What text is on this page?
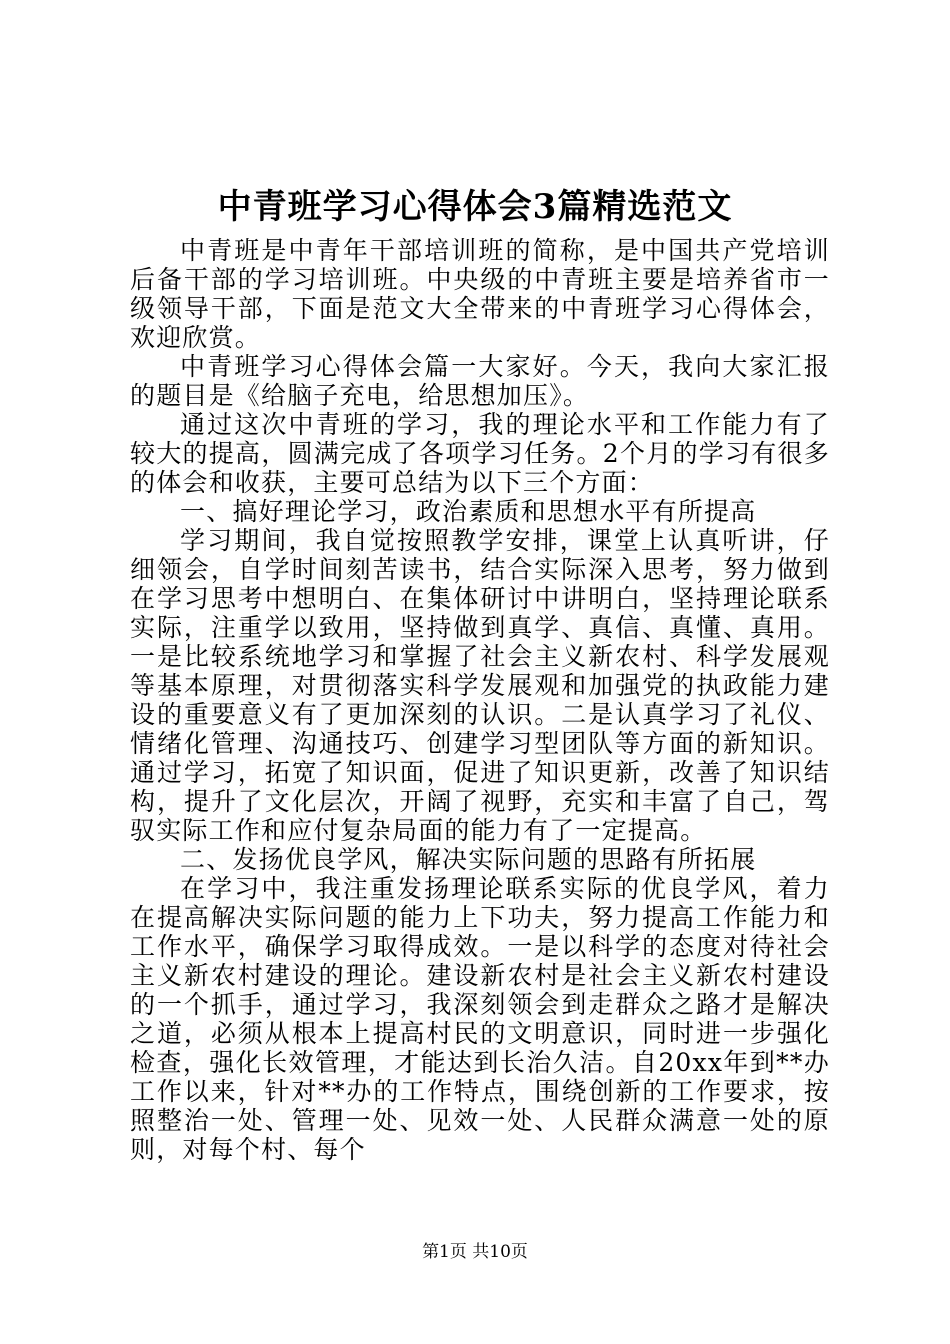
中青班学习心得体会3篇精选范文

中青班是中青年干部培训班的简称，是中国共产党培训后备干部的学习培训班。中央级的中青班主要是培养省市一级领导干部，下面是范文大全带来的中青班学习心得体会，欢迎欣赏。

中青班学习心得体会篇一大家好。今天，我向大家汇报的题目是《给脑子充电，给思想加压》。

通过这次中青班的学习，我的理论水平和工作能力有了较大的提高，圆满完成了各项学习任务。2个月的学习有很多的体会和收获，主要可总结为以下三个方面：

一、搞好理论学习，政治素质和思想水平有所提高

学习期间，我自觉按照教学安排，课堂上认真听讲，仔细领会，自学时间刻苦读书，结合实际深入思考，努力做到在学习思考中想明白、在集体研讨中讲明白，坚持理论联系实际，注重学以致用，坚持做到真学、真信、真懂、真用。一是比较系统地学习和掌握了社会主义新农村、科学发展观等基本原理，对贯彻落实科学发展观和加强党的执政能力建设的重要意义有了更加深刻的认识。二是认真学习了礼仪、情绪化管理、沟通技巧、创建学习型团队等方面的新知识。通过学习，拓宽了知识面，促进了知识更新，改善了知识结构，提升了文化层次，开阔了视野，充实和丰富了自己，驾驭实际工作和应付复杂局面的能力有了一定提高。

二、发扬优良学风，解决实际问题的思路有所拓展

在学习中，我注重发扬理论联系实际的优良学风，着力在提高解决实际问题的能力上下功夫，努力提高工作能力和工作水平，确保学习取得成效。一是以科学的态度对待社会主义新农村建设的理论。建设新农村是社会主义新农村建设的一个抓手，通过学习，我深刻领会到走群众之路才是解决之道，必须从根本上提高村民的文明意识，同时进一步强化检查，强化长效管理，才能达到长治久洁。自20xx年到**办工作以来，针对**办的工作特点，围绕创新的工作要求，按照整治一处、管理一处、见效一处、人民群众满意一处的原则，对每个村、每个

第1页 共10页
